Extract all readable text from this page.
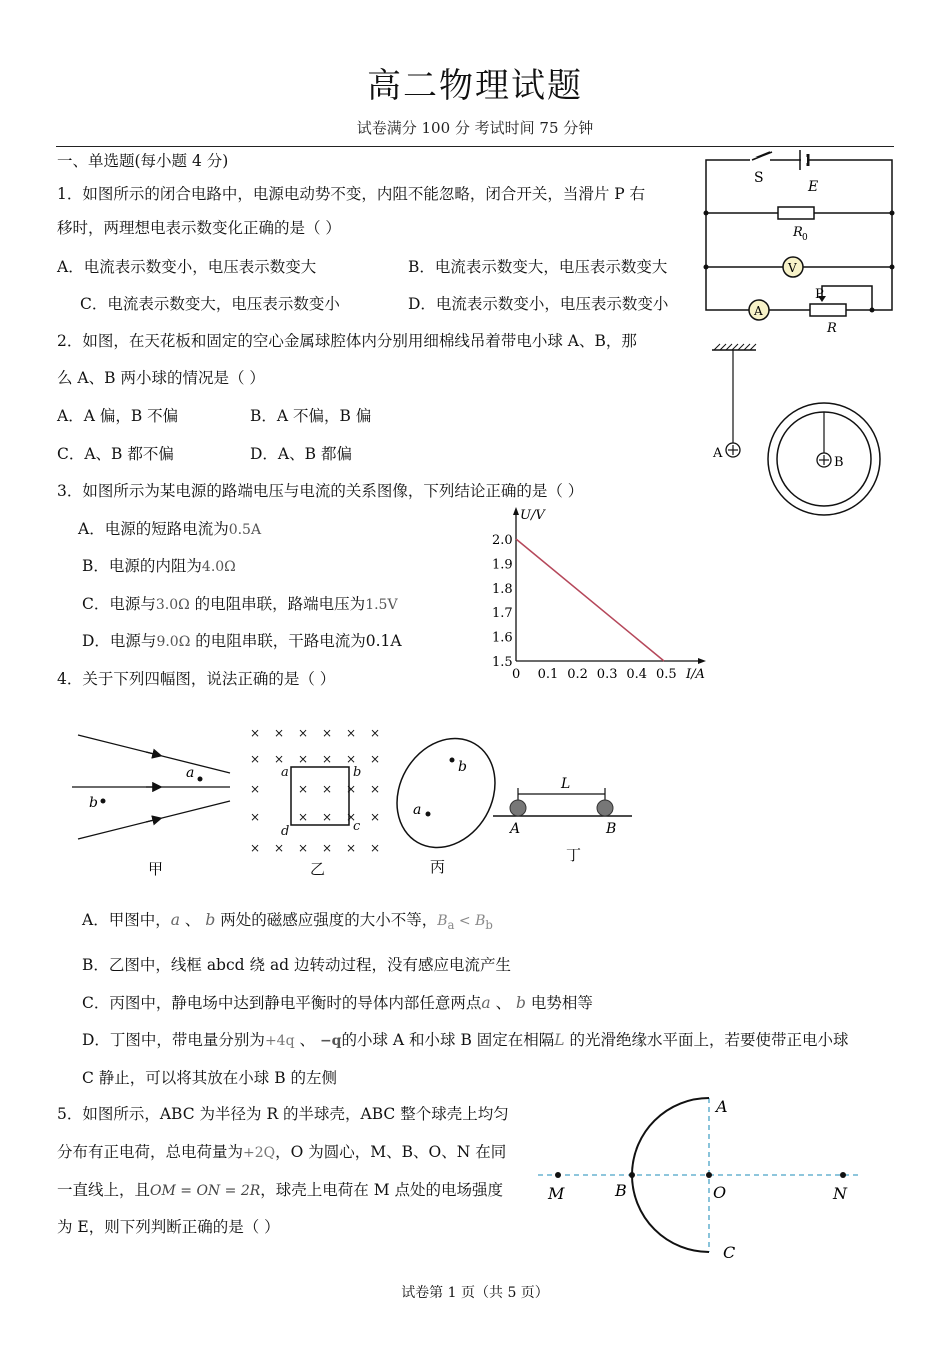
高二物理试题
试卷满分 100 分 考试时间 75 分钟
一、单选题(每小题 4 分)
1．如图所示的闭合电路中，电源电动势不变，内阻不能忽略，闭合开关，当滑片 P 右
移时，两理想电表示数变化正确的是（ ）
A．电流表示数变小，电压表示数变大	B．电流表示数变大，电压表示数变大
C．电流表示数变大，电压表示数变小	D．电流表示数变小，电压表示数变小
S
E
R 0
V
A
P
R
2．如图，在天花板和固定的空心金属球腔体内分别用细棉线吊着带电小球 A、B，那
么 A、B 两小球的情况是（ ）
A．A 偏，B 不偏	B．A 不偏，B 偏
C．A、B 都不偏	D．A、B 都偏	A
B
3．如图所示为某电源的路端电压与电流的关系图像，下列结论正确的是（ ）
A．电源的短路电流为0.5A
B．电源的内阻为4.0Ω
C．电源与3.0Ω 的电阻串联，路端电压为1.5V
D．电源与9.0Ω 的电阻串联，干路电流为0.1A
0 0.1 0.2 0.3 0.4 0.5
1.5
1.6
1.7
1.8
1.9
2.0
I/A
U/V
4．关于下列四幅图，说法正确的是（ ）
a
b
甲
× × × × × ×
× × × × × ×
×	×
×	×
× × ×
× × ×
× × × × × ×
a	b
c
d
乙
b
a
丙
L
A	B
丁
A．甲图中，a 、 b 两处的磁感应强度的大小不等，$B_a < B_b$
B．乙图中，线框 abcd 绕 ad 边转动过程，没有感应电流产生
C．丙图中，静电场中达到静电平衡时的导体内部任意两点a 、 b 电势相等
D．丁图中，带电量分别为+4q 、 −q的小球 A 和小球 B 固定在相隔L 的光滑绝缘水平面上，若要使带正电小球
C 静止，可以将其放在小球 B 的左侧
5．如图所示，ABC 为半径为 R 的半球壳，ABC 整个球壳上均匀
分布有正电荷，总电荷量为+2Q，O 为圆心，M、B、O、N 在同
一直线上，且OM = ON = 2R，球壳上电荷在 M 点处的电场强度
为 E，则下列判断正确的是（ ）
A
B
C
M	O	N
试卷第 1 页（共 5 页）
